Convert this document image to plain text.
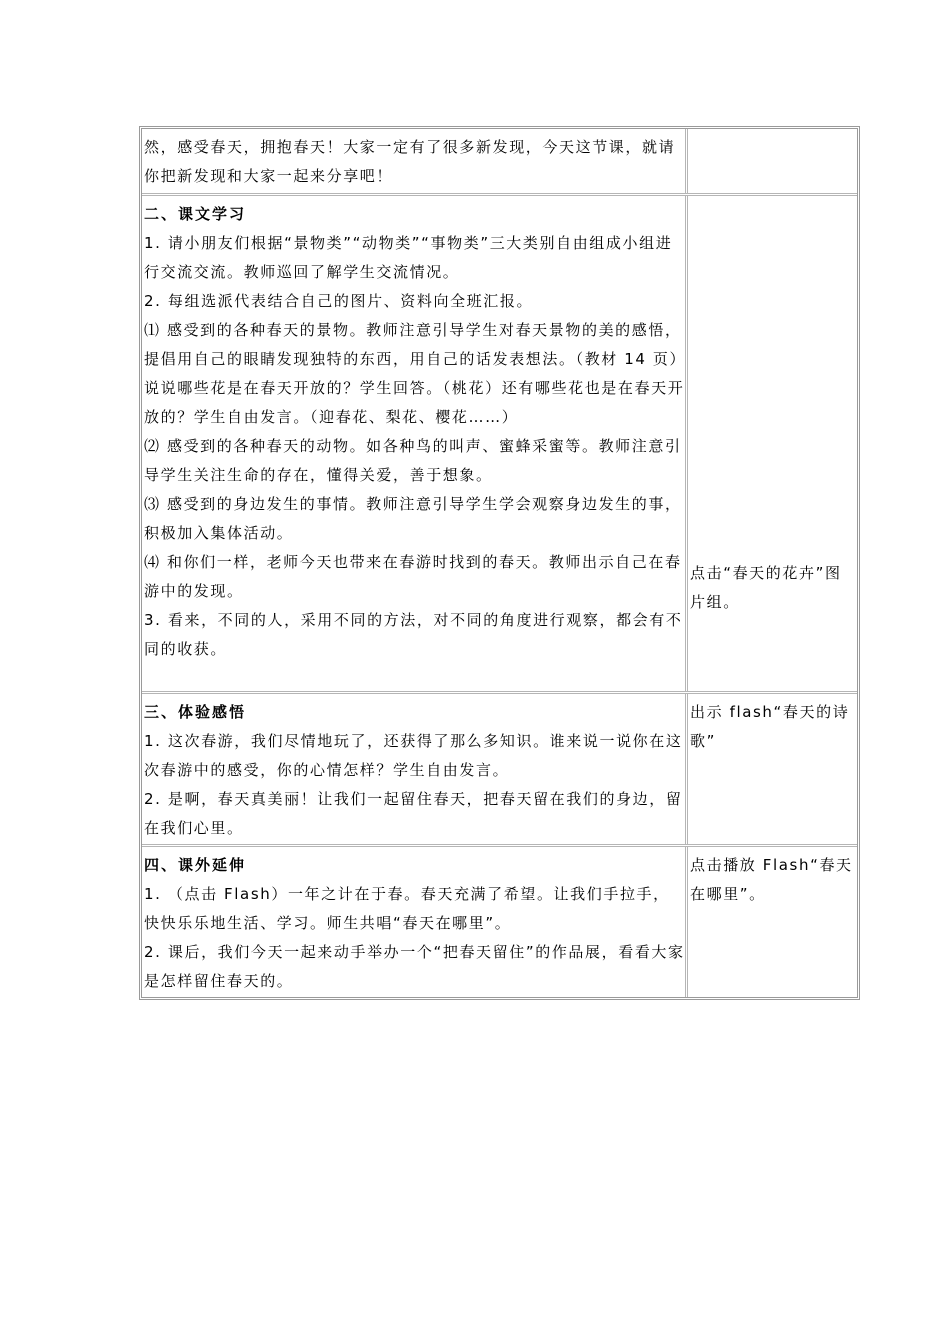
然，感受春天，拥抱春天！大家一定有了很多新发现，今天这节课，就请你把新发现和大家一起来分享吧！

二、课文学习

1. 请小朋友们根据“景物类”“动物类”“事物类”三大类别自由组成小组进行交流交流。教师巡回了解学生交流情况。

2. 每组选派代表结合自己的图片、资料向全班汇报。

⑴ 感受到的各种春天的景物。教师注意引导学生对春天景物的美的感悟，提倡用自己的眼睛发现独特的东西，用自己的话发表想法。（教材 14 页）说说哪些花是在春天开放的？学生回答。（桃花）还有哪些花也是在春天开放的？学生自由发言。（迎春花、梨花、樱花……）

⑵ 感受到的各种春天的动物。如各种鸟的叫声、蜜蜂采蜜等。教师注意引导学生关注生命的存在，懂得关爱，善于想象。

⑶ 感受到的身边发生的事情。教师注意引导学生学会观察身边发生的事，积极加入集体活动。

⑷ 和你们一样，老师今天也带来在春游时找到的春天。教师出示自己在春游中的发现。

3. 看来，不同的人，采用不同的方法，对不同的角度进行观察，都会有不同的收获。

点击“春天的花卉”图片组。

三、体验感悟

1. 这次春游，我们尽情地玩了，还获得了那么多知识。谁来说一说你在这次春游中的感受，你的心情怎样？学生自由发言。

2. 是啊，春天真美丽！让我们一起留住春天，把春天留在我们的身边，留在我们心里。

出示 flash“春天的诗歌”

四、课外延伸

1. （点击 Flash）一年之计在于春。春天充满了希望。让我们手拉手，快快乐乐地生活、学习。师生共唱“春天在哪里”。

2. 课后，我们今天一起来动手举办一个“把春天留住”的作品展，看看大家是怎样留住春天的。

点击播放 Flash“春天在哪里”。
